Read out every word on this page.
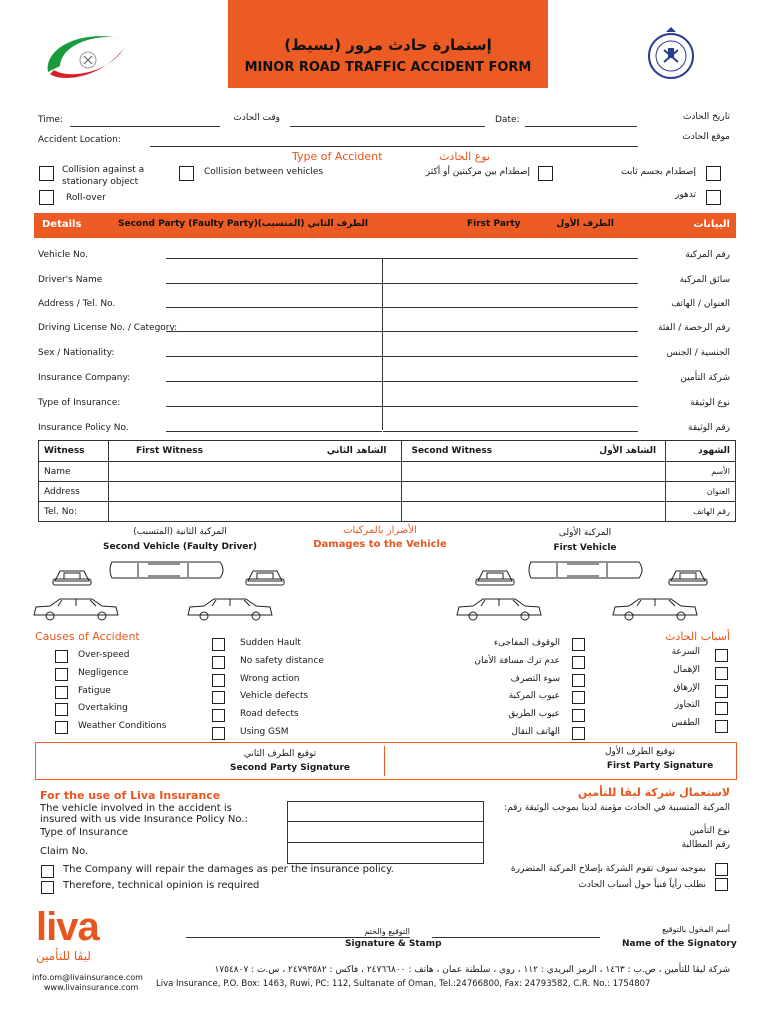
إستمارة حادث مرور (بسيط)
MINOR ROAD TRAFFIC ACCIDENT FORM
Time:	وقت الحادث	Date:	تاريخ الحادث
Accident Location:	موقع الحادث
Type of Accident	نوع الحادث
Collision against a stationary object
Collision between vehicles	إصطدام بين مركبتين أو أكثر	إصطدام بجسم ثابت
Roll-over	تدهور
Details	Second Party (Faulty Party) الطرف الثاني (المتسبب)	First Party	الطرف الأول	البيانات
Vehicle No.	رقم المركبة
Driver's Name	سائق المركبة
Address / Tel. No.	العنوان / الهاتف
Driving License No. / Category:	رقم الرخصة / الفئة
Sex / Nationality:	الجنسية / الجنس
Insurance Company:	شركة التأمين
Type of Insurance:	نوع الوثيقة
Insurance Policy No.	رقم الوثيقة
Witness	First Witness الشاهد الثاني	Second Witness الشاهد الأول	الشهود
Name			الأسم
Address			العنوان
Tel. No:			رقم الهاتف
المركبة الثانية (المتسبب)
Second Vehicle (Faulty Driver)
الأضرار بالمركبات
Damages to the Vehicle
المركبة الأولى
First Vehicle
Causes of Accident	أسباب الحادث
Over-speed
Negligence
Fatigue
Overtaking
Weather Conditions
Sudden Hault	الوقوف المفاجىء
No safety distance	عدم ترك مسافة الأمان
Wrong action	سوء التصرف
Vehicle defects	عيوب المركبة
Road defects	عيوب الطريق
Using GSM	الهاتف النقال
السرعة
الإهمال
الإرهاق
التجاوز
الطقس
توقيع الطرف الثاني
Second Party Signature
توقيع الطرف الأول
First Party Signature
For the use of Liva Insurance	لاستعمال شركة ليڤا للتأمين
The vehicle involved in the accident is insured with us vide Insurance Policy No.:
Type of Insurance
Claim No.
المركبة المتسببة في الحادث مؤمنة لدينا بموجب الوثيقة رقم:
نوع التأمين
رقم المطالبة
The Company will repair the damages as per the insurance policy.
Therefore, technical opinion is required
بموجبه سوف تقوم الشركة بإصلاح المركبة المتضررة
نطلب رأياً فنياً حول أسباب الحادث
liva
ليڤا للتأمين
info.om@livainsurance.com
www.livainsurance.com
التوقيع والختم
Signature & Stamp
أسم المخول بالتوقيع
Name of the Signatory
شركة ليڤا للتأمين ، ص.ب : ١٤٦٣ ، الرمز البريدي : ١١٢ ، روي ، سلطنة عمان ، هاتف : ٢٤٧٦٦٨٠٠ ، فاكس : ٢٤٧٩٣٥٨٢ ، س.ت : ١٧٥٤٨٠٧
Liva Insurance, P.O. Box: 1463, Ruwi, PC: 112, Sultanate of Oman, Tel.:24766800, Fax: 24793582, C.R. No.: 1754807
